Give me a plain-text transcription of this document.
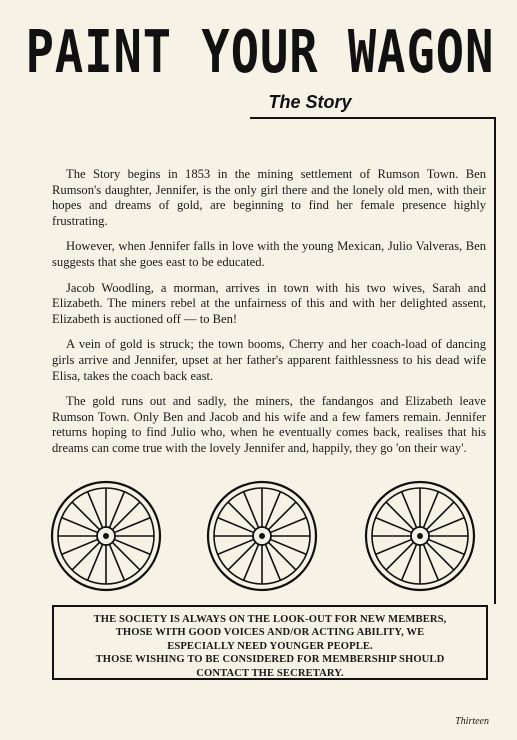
PAINT YOUR WAGON
The Story

The Story begins in 1853 in the mining settlement of Rumson Town. Ben Rumson's daughter, Jennifer, is the only girl there and the lonely old men, with their hopes and dreams of gold, are beginning to find her female presence highly frustrating.

However, when Jennifer falls in love with the young Mexican, Julio Valveras, Ben suggests that she goes east to be educated.

Jacob Woodling, a morman, arrives in town with his two wives, Sarah and Elizabeth. The miners rebel at the unfairness of this and with her delighted assent, Elizabeth is auctioned off — to Ben!

A vein of gold is struck; the town booms, Cherry and her coach-load of dancing girls arrive and Jennifer, upset at her father's apparent faithlessness to his dead wife Elisa, takes the coach back east.

The gold runs out and sadly, the miners, the fandangos and Elizabeth leave Rumson Town. Only Ben and Jacob and his wife and a few famers remain. Jennifer returns hoping to find Julio who, when he eventually comes back, realises that his dreams can come true with the lovely Jennifer and, happily, they go 'on their way'.

THE SOCIETY IS ALWAYS ON THE LOOK-OUT FOR NEW MEMBERS,
THOSE WITH GOOD VOICES AND/OR ACTING ABILITY, WE
ESPECIALLY NEED YOUNGER PEOPLE.
THOSE WISHING TO BE CONSIDERED FOR MEMBERSHIP SHOULD
CONTACT THE SECRETARY.
Thirteen
